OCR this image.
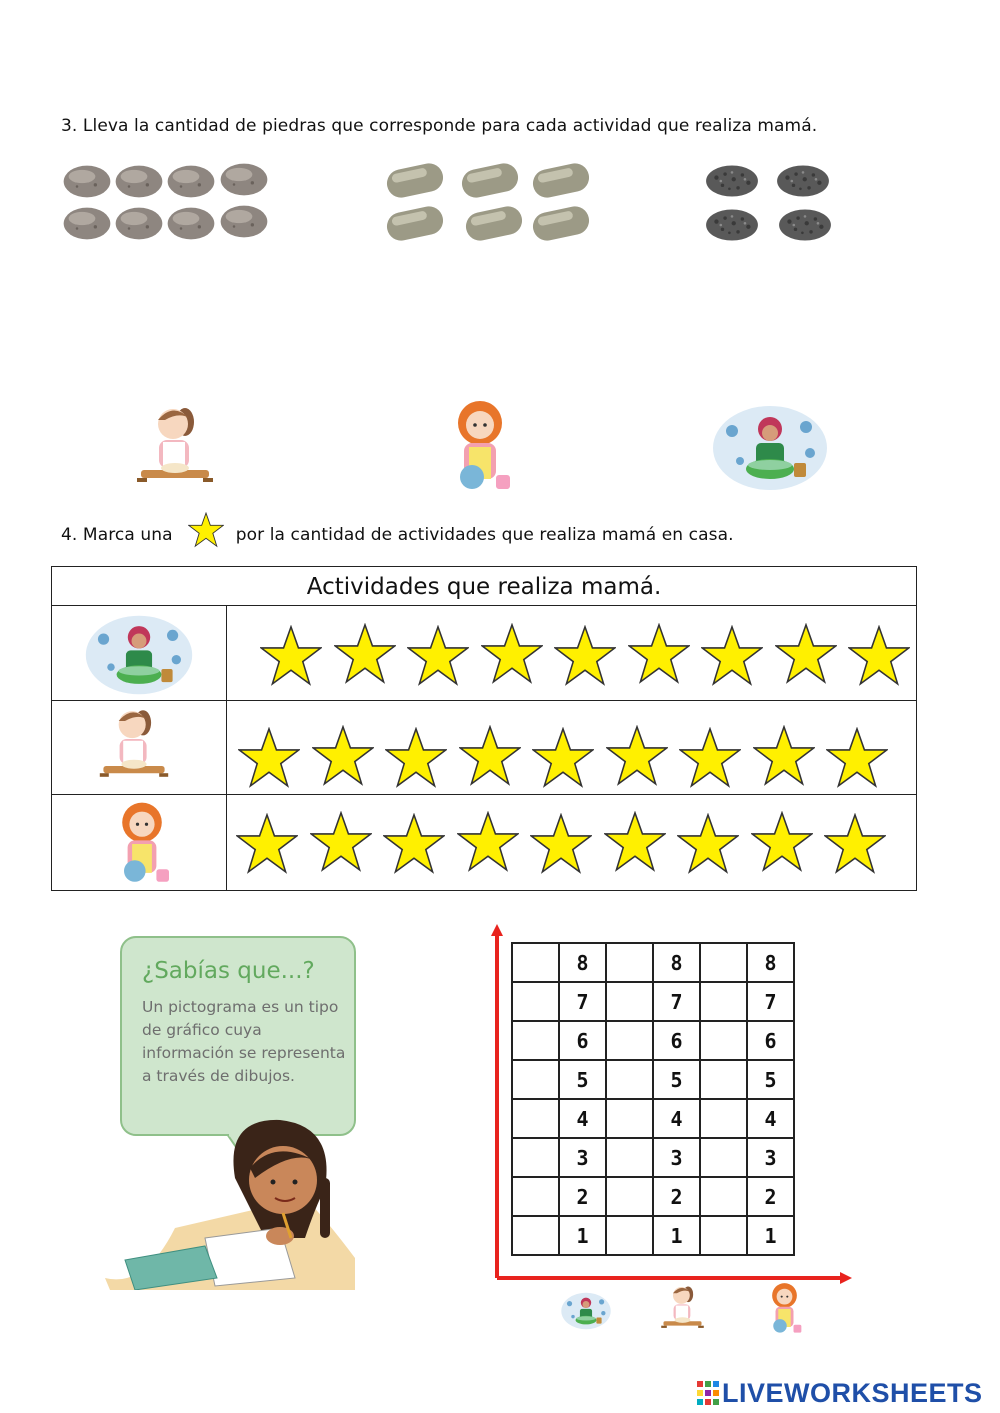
3. Lleva la cantidad de piedras que corresponde para cada actividad que realiza mamá.
4. Marca una	por la cantidad de actividades que realiza mamá en casa.
Actividades que realiza mamá.
¿Sabías que...?
Un pictograma es un tipo de gráfico cuya información se representa a través de dibujos.
	8		8		8
	7		7		7
	6		6		6
	5		5		5
	4		4		4
	3		3		3
	2		2		2
	1		1		1
LIVEWORKSHEETS
